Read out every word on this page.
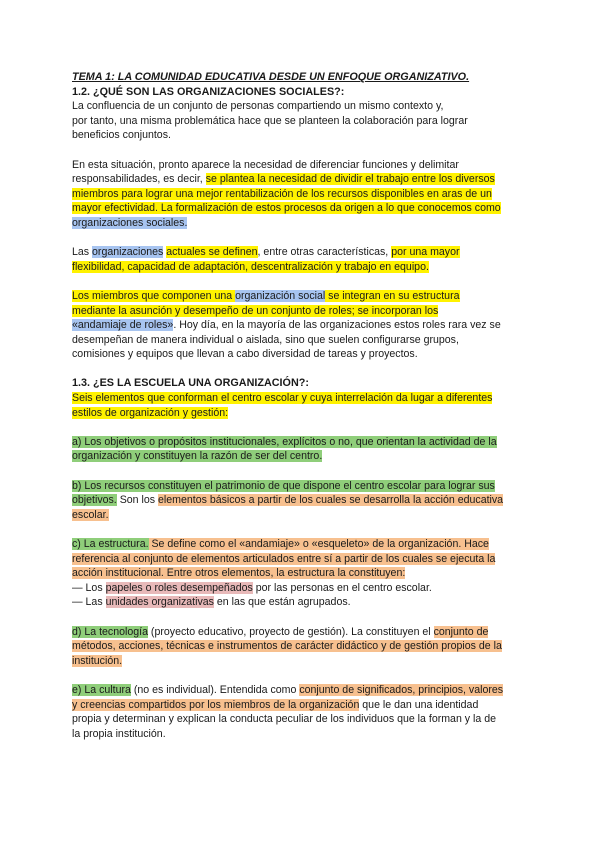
TEMA 1: LA COMUNIDAD EDUCATIVA DESDE UN ENFOQUE ORGANIZATIVO.

1.2. ¿QUÉ SON LAS ORGANIZACIONES SOCIALES?:

La confluencia de un conjunto de personas compartiendo un mismo contexto y,
por tanto, una misma problemática hace que se planteen la colaboración para lograr
beneficios conjuntos.

En esta situación, pronto aparece la necesidad de diferenciar funciones y delimitar
responsabilidades, es decir, se plantea la necesidad de dividir el trabajo entre los diversos
miembros para lograr una mejor rentabilización de los recursos disponibles en aras de un
mayor efectividad. La formalización de estos procesos da origen a lo que conocemos como
organizaciones sociales.

Las organizaciones actuales se definen, entre otras características, por una mayor
flexibilidad, capacidad de adaptación, descentralización y trabajo en equipo.

Los miembros que componen una organización social se integran en su estructura
mediante la asunción y desempeño de un conjunto de roles; se incorporan los
«andamiaje de roles». Hoy día, en la mayoría de las organizaciones estos roles rara vez se
desempeñan de manera individual o aislada, sino que suelen configurarse grupos,
comisiones y equipos que llevan a cabo diversidad de tareas y proyectos.

1.3. ¿ES LA ESCUELA UNA ORGANIZACIÓN?:

Seis elementos que conforman el centro escolar y cuya interrelación da lugar a diferentes
estilos de organización y gestión:

a) Los objetivos o propósitos institucionales, explícitos o no, que orientan la actividad de la
organización y constituyen la razón de ser del centro.

b) Los recursos constituyen el patrimonio de que dispone el centro escolar para lograr sus
objetivos. Son los elementos básicos a partir de los cuales se desarrolla la acción educativa
escolar.

c) La estructura. Se define como el «andamiaje» o «esqueleto» de la organización. Hace
referencia al conjunto de elementos articulados entre sí a partir de los cuales se ejecuta la
acción institucional. Entre otros elementos, la estructura la constituyen:
— Los papeles o roles desempeñados por las personas en el centro escolar.
— Las unidades organizativas en las que están agrupados.

d) La tecnología (proyecto educativo, proyecto de gestión). La constituyen el conjunto de
métodos, acciones, técnicas e instrumentos de carácter didáctico y de gestión propios de la
institución.

e) La cultura (no es individual). Entendida como conjunto de significados, principios, valores
y creencias compartidos por los miembros de la organización que le dan una identidad
propia y determinan y explican la conducta peculiar de los individuos que la forman y la de
la propia institución.
